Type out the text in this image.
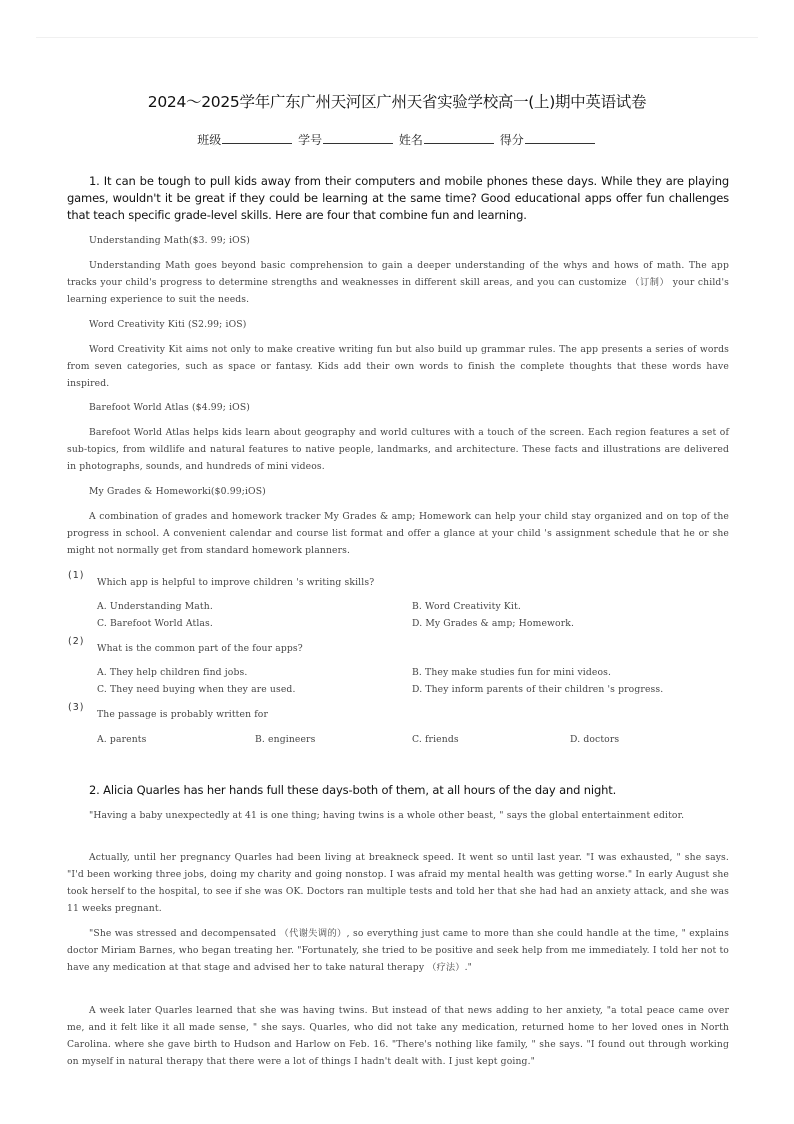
2024～2025学年广东广州天河区广州天省实验学校高一(上)期中英语试卷
班级	学号	姓名	得分

1. It can be tough to pull kids away from their computers and mobile phones these days. While they are playing games, wouldn't it be great if they could be learning at the same time? Good educational apps offer fun challenges that teach specific grade-level skills. Here are four that combine fun and learning.

Understanding Math($3. 99; iOS)

Understanding Math goes beyond basic comprehension to gain a deeper understanding of the whys and hows of math. The app tracks your child's progress to determine strengths and weaknesses in different skill areas, and you can customize （订制） your child's learning experience to suit the needs.

Word Creativity Kiti (S2.99; iOS)

Word Creativity Kit aims not only to make creative writing fun but also build up grammar rules. The app presents a series of words from seven categories, such as space or fantasy. Kids add their own words to finish the complete thoughts that these words have inspired.

Barefoot World Atlas ($4.99; iOS)

Barefoot World Atlas helps kids learn about geography and world cultures with a touch of the screen. Each region features a set of sub-topics, from wildlife and natural features to native people, landmarks, and architecture. These facts and illustrations are delivered in photographs, sounds, and hundreds of mini videos.

My Grades & Homeworki($0.99;iOS)

A combination of grades and homework tracker My Grades & amp; Homework can help your child stay organized and on top of the progress in school. A convenient calendar and course list format and offer a glance at your child 's assignment schedule that he or she might not normally get from standard homework planners.

(1)

Which app is helpful to improve children 's writing skills?

A. Understanding Math.	B. Word Creativity Kit.

C. Barefoot World Atlas.	D. My Grades & amp; Homework.

(2)

What is the common part of the four apps?

A. They help children find jobs.	B. They make studies fun for mini videos.

C. They need buying when they are used.	D. They inform parents of their children 's progress.

(3)

The passage is probably written for

A. parents	B. engineers	C. friends	D. doctors

2. Alicia Quarles has her hands full these days-both of them, at all hours of the day and night.

"Having a baby unexpectedly at 41 is one thing; having twins is a whole other beast, " says the global entertainment editor.

Actually, until her pregnancy Quarles had been living at breakneck speed. It went so until last year. "I was exhausted, " she says. "I'd been working three jobs, doing my charity and going nonstop. I was afraid my mental health was getting worse." In early August she took herself to the hospital, to see if she was OK. Doctors ran multiple tests and told her that she had had an anxiety attack, and she was 11 weeks pregnant.

"She was stressed and decompensated （代谢失调的）, so everything just came to more than she could handle at the time, " explains doctor Miriam Barnes, who began treating her. "Fortunately, she tried to be positive and seek help from me immediately. I told her not to have any medication at that stage and advised her to take natural therapy （疗法）."

A week later Quarles learned that she was having twins. But instead of that news adding to her anxiety, "a total peace came over me, and it felt like it all made sense, " she says. Quarles, who did not take any medication, returned home to her loved ones in North Carolina. where she gave birth to Hudson and Harlow on Feb. 16. "There's nothing like family, " she says. "I found out through working on myself in natural therapy that there were a lot of things I hadn't dealt with. I just kept going."
